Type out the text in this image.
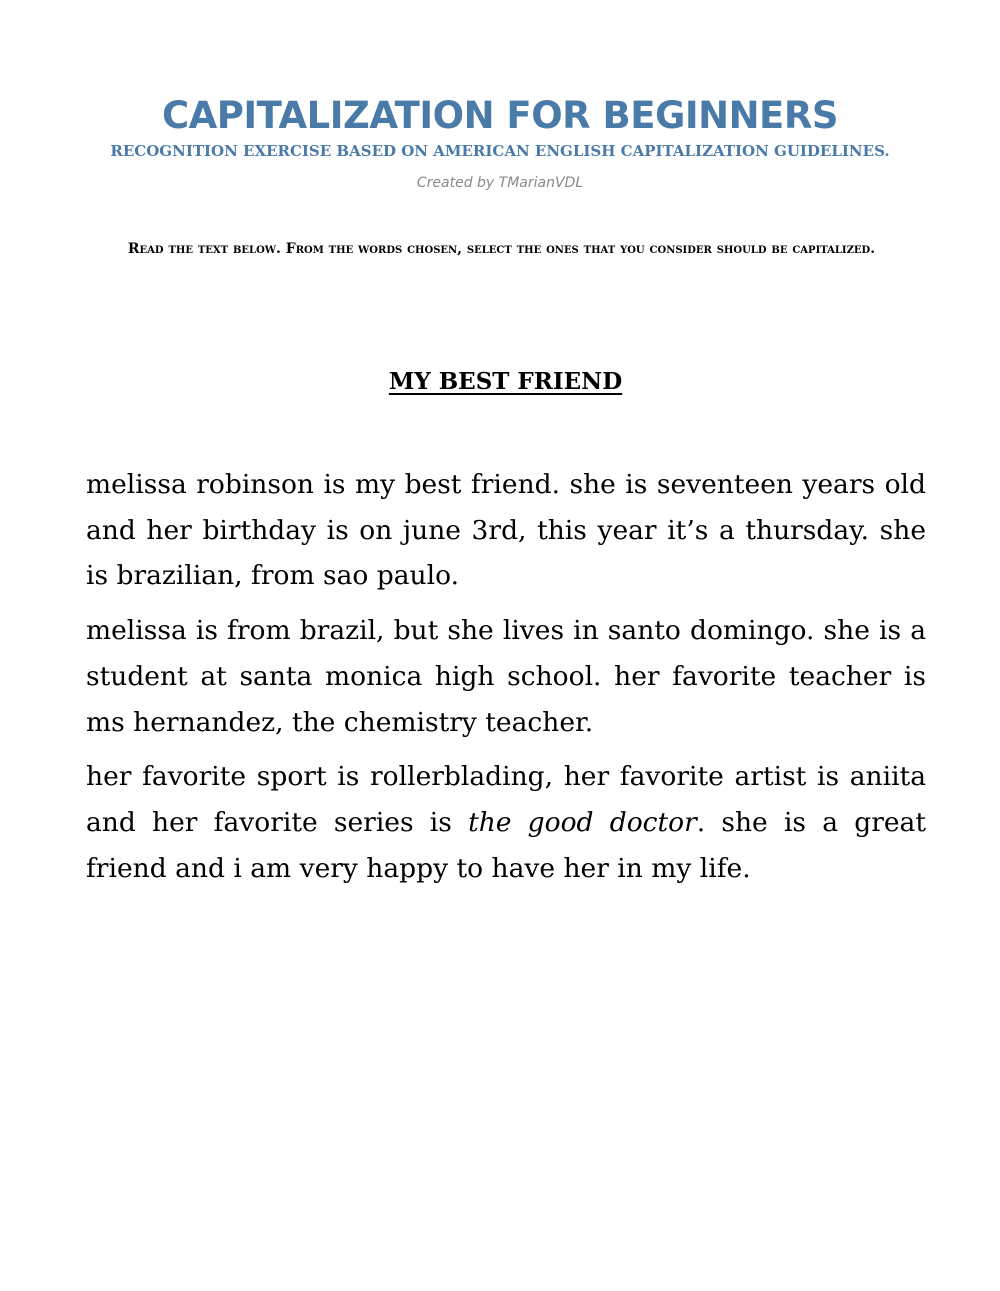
CAPITALIZATION FOR BEGINNERS
RECOGNITION EXERCISE BASED ON AMERICAN ENGLISH CAPITALIZATION GUIDELINES.
Created by TMarianVDL
Read the text below. From the words chosen, select the ones that you consider should be capitalized.
MY BEST FRIEND

melissa robinson is my best friend. she is seventeen years old and her birthday is on june 3rd, this year it’s a thursday. she is brazilian, from sao paulo.

melissa is from brazil, but she lives in santo domingo. she is a student at santa monica high school. her favorite teacher is ms hernandez, the chemistry teacher.

her favorite sport is rollerblading, her favorite artist is aniita and her favorite series is the good doctor. she is a great friend and i am very happy to have her in my life.
